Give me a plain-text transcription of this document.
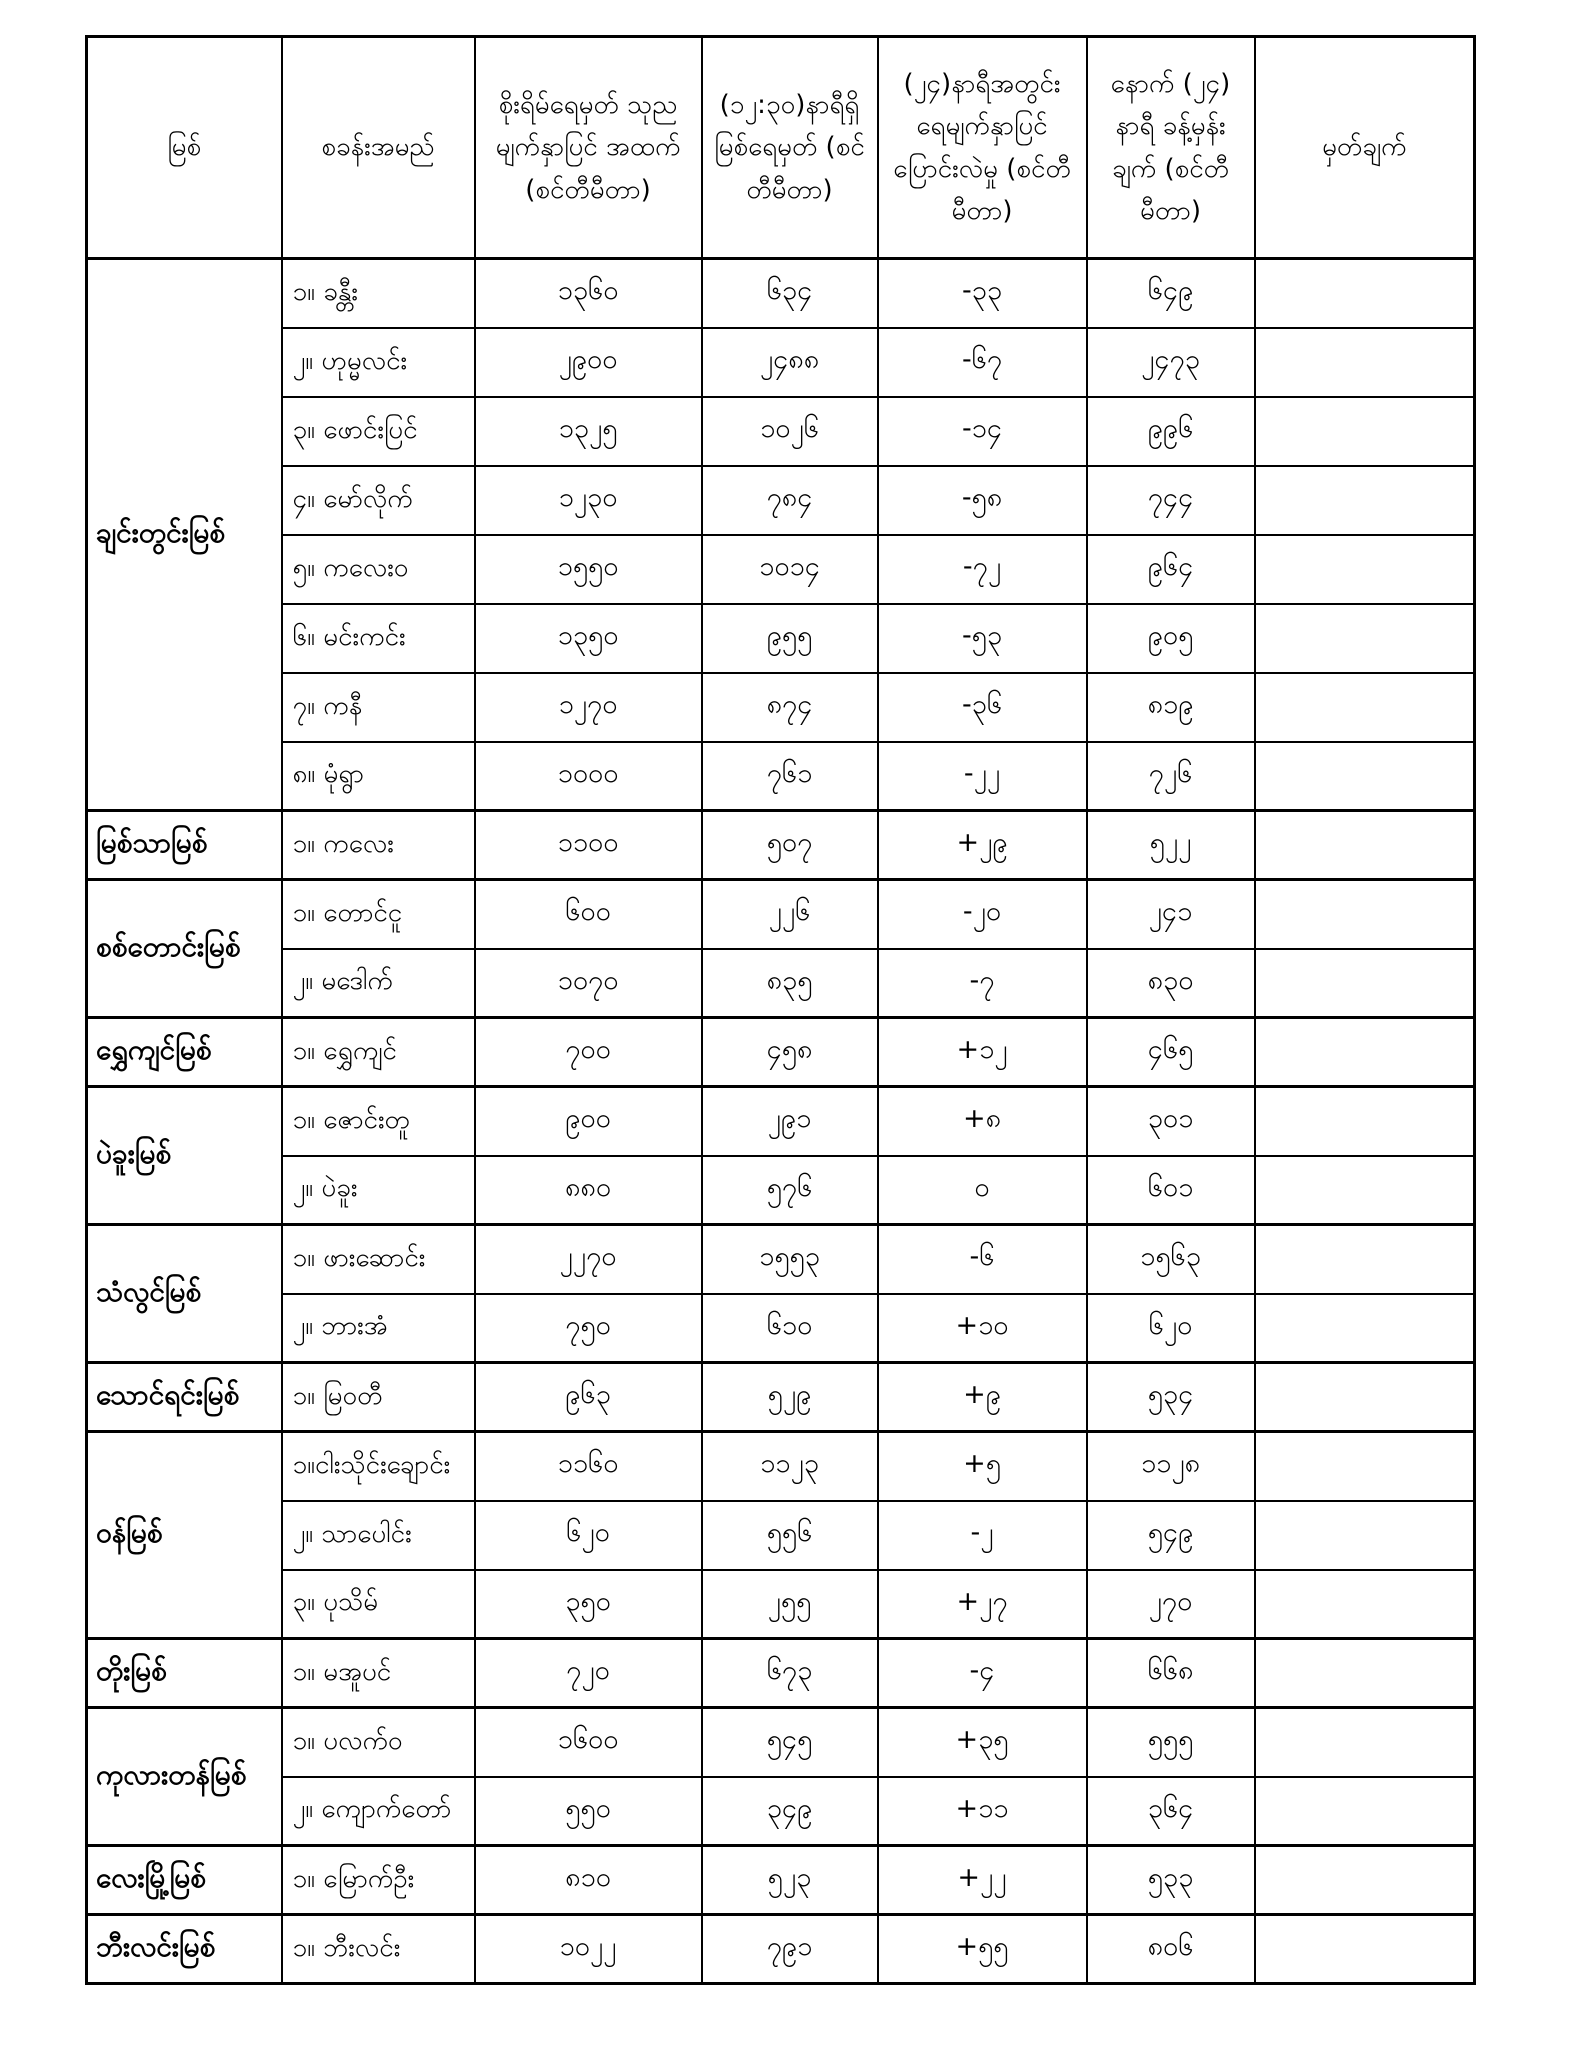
မြစ်	စခန်းအမည်	စိုးရိမ်ရေမှတ် သုည မျက်နှာပြင် အထက် (စင်တီမီတာ)	(၁၂:၃၀)နာရီရှိ မြစ်ရေမှတ် (စင်တီမီတာ)	(၂၄)နာရီအတွင်း ရေမျက်နှာပြင် ပြောင်းလဲမှု (စင်တီမီတာ)	နောက် (၂၄) နာရီ ခန့်မှန်းချက် (စင်တီမီတာ)	မှတ်ချက်
ချင်းတွင်းမြစ်	၁။ ခန္တီး	၁၃၆၀	၆၃၄	-၃၃	၆၄၉	
	၂။ ဟုမ္မလင်း	၂၉၀၀	၂၄၈၈	-၆၇	၂၄၇၃	
	၃။ ဖောင်းပြင်	၁၃၂၅	၁၀၂၆	-၁၄	၉၉၆	
	၄။ မော်လိုက်	၁၂၃၀	၇၈၄	-၅၈	၇၄၄	
	၅။ ကလေးဝ	၁၅၅၀	၁၀၁၄	-၇၂	၉၆၄	
	၆။ မင်းကင်း	၁၃၅၀	၉၅၅	-၅၃	၉၀၅	
	၇။ ကနီ	၁၂၇၀	၈၇၄	-၃၆	၈၁၉	
	၈။ မုံရွာ	၁၀၀၀	၇၆၁	-၂၂	၇၂၆	
မြစ်သာမြစ်	၁။ ကလေး	၁၁၀၀	၅၀၇	+၂၉	၅၂၂	
စစ်တောင်းမြစ်	၁။ တောင်ငူ	၆၀၀	၂၂၆	-၂၀	၂၄၁	
	၂။ မဒေါက်	၁၀၇၀	၈၃၅	-၇	၈၃၀	
ရွှေကျင်မြစ်	၁။ ရွှေကျင်	၇၀၀	၄၅၈	+၁၂	၄၆၅	
ပဲခူးမြစ်	၁။ ဇောင်းတူ	၉၀၀	၂၉၁	+၈	၃၀၁	
	၂။ ပဲခူး	၈၈၀	၅၇၆	၀	၆၀၁	
သံလွင်မြစ်	၁။ ဖားဆောင်း	၂၂၇၀	၁၅၅၃	-၆	၁၅၆၃	
	၂။ ဘားအံ	၇၅၀	၆၁၀	+၁၀	၆၂၀	
သောင်ရင်းမြစ်	၁။ မြဝတီ	၉၆၃	၅၂၉	+၉	၅၃၄	
ဝန်မြစ်	၁။ငါးသိုင်းချောင်း	၁၁၆၀	၁၁၂၃	+၅	၁၁၂၈	
	၂။ သာပေါင်း	၆၂၀	၅၅၆	-၂	၅၄၉	
	၃။ ပုသိမ်	၃၅၀	၂၅၅	+၂၇	၂၇၀	
တိုးမြစ်	၁။ မအူပင်	၇၂၀	၆၇၃	-၄	၆၆၈	
ကုလားတန်မြစ်	၁။ ပလက်ဝ	၁၆၀၀	၅၄၅	+၃၅	၅၅၅	
	၂။ ကျောက်တော်	၅၅၀	၃၄၉	+၁၁	၃၆၄	
လေးမြို့မြစ်	၁။ မြောက်ဦး	၈၁၀	၅၂၃	+၂၂	၅၃၃	
ဘီးလင်းမြစ်	၁။ ဘီးလင်း	၁၀၂၂	၇၉၁	+၅၅	၈၀၆	
